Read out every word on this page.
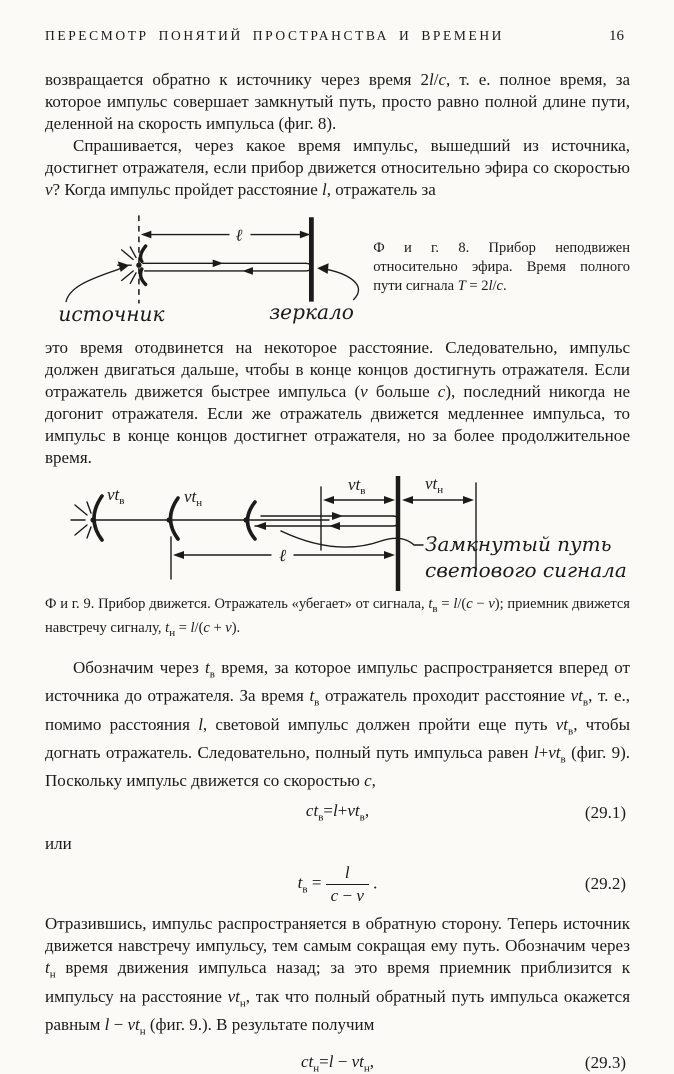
ПЕРЕСМОТР ПОНЯТИЙ ПРОСТРАНСТВА И ВРЕМЕНИ	16

возвращается обратно к источнику через время 2l/c, т. е. полное время, за которое импульс совершает замкнутый путь, просто равно полной длине пути, деленной на скорость импульса (фиг. 8).

Спрашивается, через какое время импульс, вышедший из источника, достигнет отражателя, если прибор движется относительно эфира со скоростью v? Когда импульс пройдет расстояние l, отражатель за

ℓ
источник	зеркало
Ф и г. 8. Прибор неподвижен относительно эфира. Время полного пути сигнала T = 2l/c.

это время отодвинется на некоторое расстояние. Следовательно, импульс должен двигаться дальше, чтобы в конце концов достигнуть отражателя. Если отражатель движется быстрее импульса (v больше c), последний никогда не догонит отражателя. Если же отражатель движется медленнее импульса, то импульс в конце концов достигнет отражателя, но за более продолжительное время.

$vt_в$	$vt_н$
$vt_в$	$vt_н$
ℓ	Замкнутый путь
светового сигнала

Ф и г. 9. Прибор движется. Отражатель «убегает» от сигнала, $t_в = l/(c - v)$; приемник движется навстречу сигналу, $t_н = l/(c + v)$.

Обозначим через $t_в$ время, за которое импульс распространяется вперед от источника до отражателя. За время $t_в$ отражатель проходит расстояние $vt_в$, т. е., помимо расстояния l, световой импульс должен пройти еще путь $vt_в$, чтобы догнать отражатель. Следовательно, полный путь импульса равен $l+vt_в$ (фиг. 9). Поскольку импульс движется со скоростью c,

$ct_в=l+vt_в$,	(29.1)

или

$t_в = \frac{l}{c - v}$ .	(29.2)

Отразившись, импульс распространяется в обратную сторону. Теперь источник движется навстречу импульсу, тем самым сокращая ему путь. Обозначим через $t_н$ время движения импульса назад; за это время приемник приблизится к импульсу на расстояние $vt_н$, так что полный обратный путь импульса окажется равным $l - vt_н$ (фиг. 9.). В результате получим

$ct_н=l - vt_н$,	(29.3)
